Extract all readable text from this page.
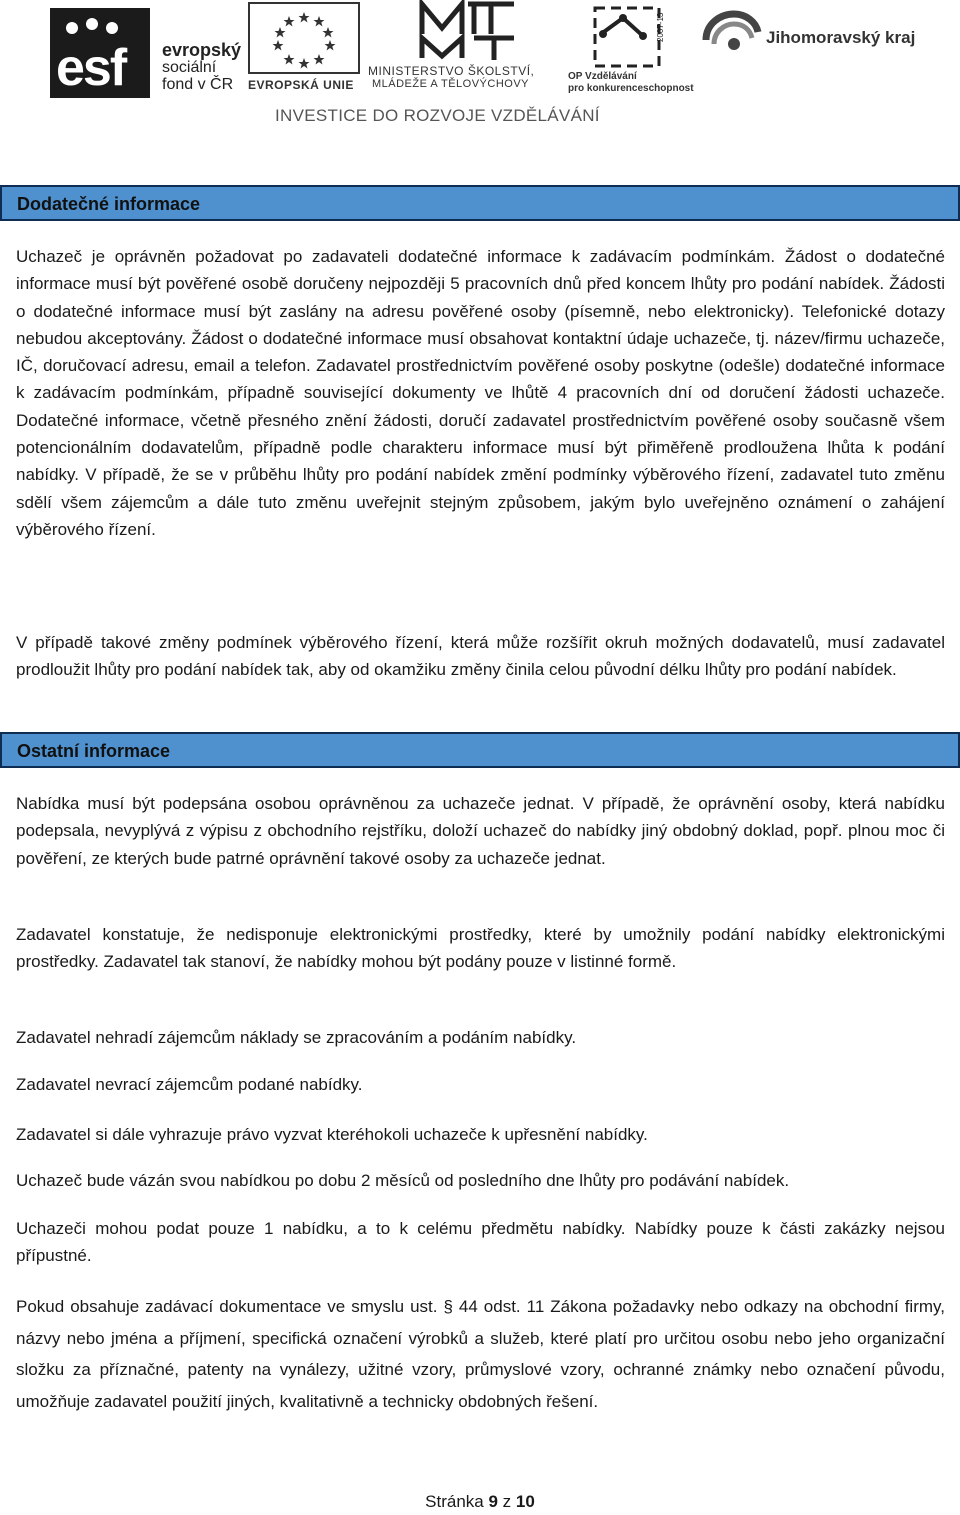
esf evropský
sociální
fond v ČR	EVROPSKÁ UNIE
MINISTERSTVO ŠKOLSTVÍ,
MLÁDEŽE A TĚLOVÝCHOVY
2007-13
OP Vzdělávání
pro konkurenceschopnost
Jihomoravský kraj
INVESTICE DO ROZVOJE VZDĚLÁVÁNÍ
Dodatečné informace

Uchazeč je oprávněn požadovat po zadavateli dodatečné informace k zadávacím podmínkám. Žádost o dodatečné informace musí být pověřené osobě doručeny nejpozději 5 pracovních dnů před koncem lhůty pro podání nabídek. Žádosti o dodatečné informace musí být zaslány na adresu pověřené osoby (písemně, nebo elektronicky). Telefonické dotazy nebudou akceptovány. Žádost o dodatečné informace musí obsahovat kontaktní údaje uchazeče, tj. název/firmu uchazeče, IČ, doručovací adresu, email a telefon. Zadavatel prostřednictvím pověřené osoby poskytne (odešle) dodatečné informace k zadávacím podmínkám, případně související dokumenty ve lhůtě 4 pracovních dní od doručení žádosti uchazeče. Dodatečné informace, včetně přesného znění žádosti, doručí zadavatel prostřednictvím pověřené osoby současně všem potencionálním dodavatelům, případně podle charakteru informace musí být přiměřeně prodloužena lhůta k podání nabídky. V případě, že se v průběhu lhůty pro podání nabídek změní podmínky výběrového řízení, zadavatel tuto změnu sdělí všem zájemcům a dále tuto změnu uveřejnit stejným způsobem, jakým bylo uveřejněno oznámení o zahájení výběrového řízení.

V případě takové změny podmínek výběrového řízení, která může rozšířit okruh možných dodavatelů, musí zadavatel prodloužit lhůty pro podání nabídek tak, aby od okamžiku změny činila celou původní délku lhůty pro podání nabídek.

Ostatní informace

Nabídka musí být podepsána osobou oprávněnou za uchazeče jednat. V případě, že oprávnění osoby, která nabídku podepsala, nevyplývá z výpisu z obchodního rejstříku, doloží uchazeč do nabídky jiný obdobný doklad, popř. plnou moc či pověření, ze kterých bude patrné oprávnění takové osoby za uchazeče jednat.

Zadavatel konstatuje, že nedisponuje elektronickými prostředky, které by umožnily podání nabídky elektronickými prostředky. Zadavatel tak stanoví, že nabídky mohou být podány pouze v listinné formě.

Zadavatel nehradí zájemcům náklady se zpracováním a podáním nabídky.

Zadavatel nevrací zájemcům podané nabídky.

Zadavatel si dále vyhrazuje právo vyzvat kteréhokoli uchazeče k upřesnění nabídky.

Uchazeč bude vázán svou nabídkou po dobu 2 měsíců od posledního dne lhůty pro podávání nabídek.

Uchazeči mohou podat pouze 1 nabídku, a to k celému předmětu nabídky. Nabídky pouze k části zakázky nejsou přípustné.

Pokud obsahuje zadávací dokumentace ve smyslu ust. § 44 odst. 11 Zákona požadavky nebo odkazy na obchodní firmy, názvy nebo jména a příjmení, specifická označení výrobků a služeb, které platí pro určitou osobu nebo jeho organizační složku za příznačné, patenty na vynálezy, užitné vzory, průmyslové vzory, ochranné známky nebo označení původu, umožňuje zadavatel použití jiných, kvalitativně a technicky obdobných řešení.

Stránka 9 z 10
